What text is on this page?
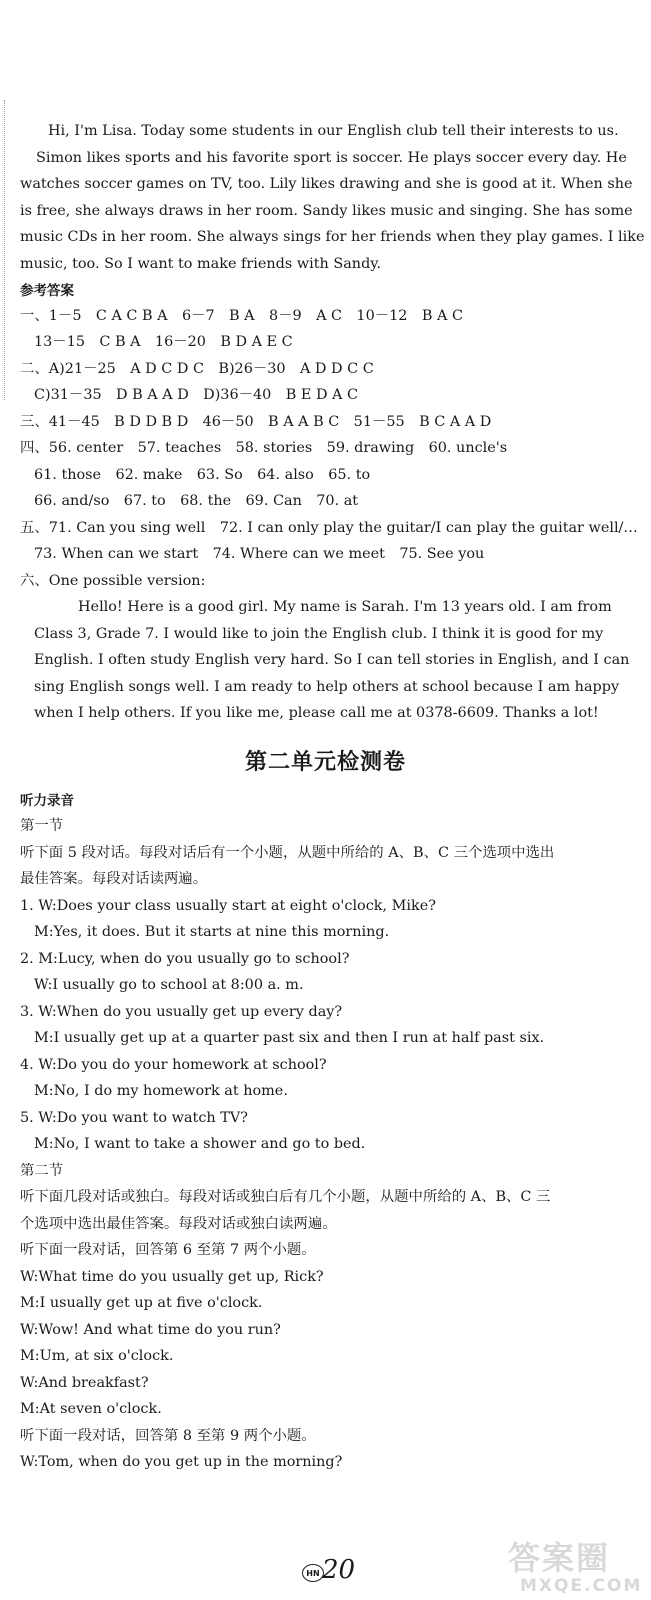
Hi, I'm Lisa. Today some students in our English club tell their interests to us.
Simon likes sports and his favorite sport is soccer. He plays soccer every day. He
watches soccer games on TV, too. Lily likes drawing and she is good at it. When she
is free, she always draws in her room. Sandy likes music and singing. She has some
music CDs in her room. She always sings for her friends when they play games. I like
music, too. So I want to make friends with Sandy.
参考答案
一、1－5　C A C B A　6－7　B A　8－9　A C　10－12　B A C
13－15　C B A　16－20　B D A E C
二、A)21－25　A D C D C　B)26－30　A D D C C
C)31－35　D B A A D　D)36－40　B E D A C
三、41－45　B D D B D　46－50　B A A B C　51－55　B C A A D
四、56. center　57. teaches　58. stories　59. drawing　60. uncle's
61. those　62. make　63. So　64. also　65. to
66. and/so　67. to　68. the　69. Can　70. at
五、71. Can you sing well　72. I can only play the guitar/I can play the guitar well/…
73. When can we start　74. Where can we meet　75. See you
六、One possible version:
Hello! Here is a good girl. My name is Sarah. I'm 13 years old. I am from
Class 3, Grade 7. I would like to join the English club. I think it is good for my
English. I often study English very hard. So I can tell stories in English, and I can
sing English songs well. I am ready to help others at school because I am happy
when I help others. If you like me, please call me at 0378-6609. Thanks a lot!
第二单元检测卷
听力录音
第一节
听下面 5 段对话。每段对话后有一个小题，从题中所给的 A、B、C 三个选项中选出
最佳答案。每段对话读两遍。
1. W:Does your class usually start at eight o'clock, Mike?
M:Yes, it does. But it starts at nine this morning.
2. M:Lucy, when do you usually go to school?
W:I usually go to school at 8:00 a. m.
3. W:When do you usually get up every day?
M:I usually get up at a quarter past six and then I run at half past six.
4. W:Do you do your homework at school?
M:No, I do my homework at home.
5. W:Do you want to watch TV?
M:No, I want to take a shower and go to bed.
第二节
听下面几段对话或独白。每段对话或独白后有几个小题，从题中所给的 A、B、C 三
个选项中选出最佳答案。每段对话或独白读两遍。
听下面一段对话，回答第 6 至第 7 两个小题。
W:What time do you usually get up, Rick?
M:I usually get up at five o'clock.
W:Wow! And what time do you run?
M:Um, at six o'clock.
W:And breakfast?
M:At seven o'clock.
听下面一段对话，回答第 8 至第 9 两个小题。
W:Tom, when do you get up in the morning?
HN 20	答案圈
MXQE.COM
